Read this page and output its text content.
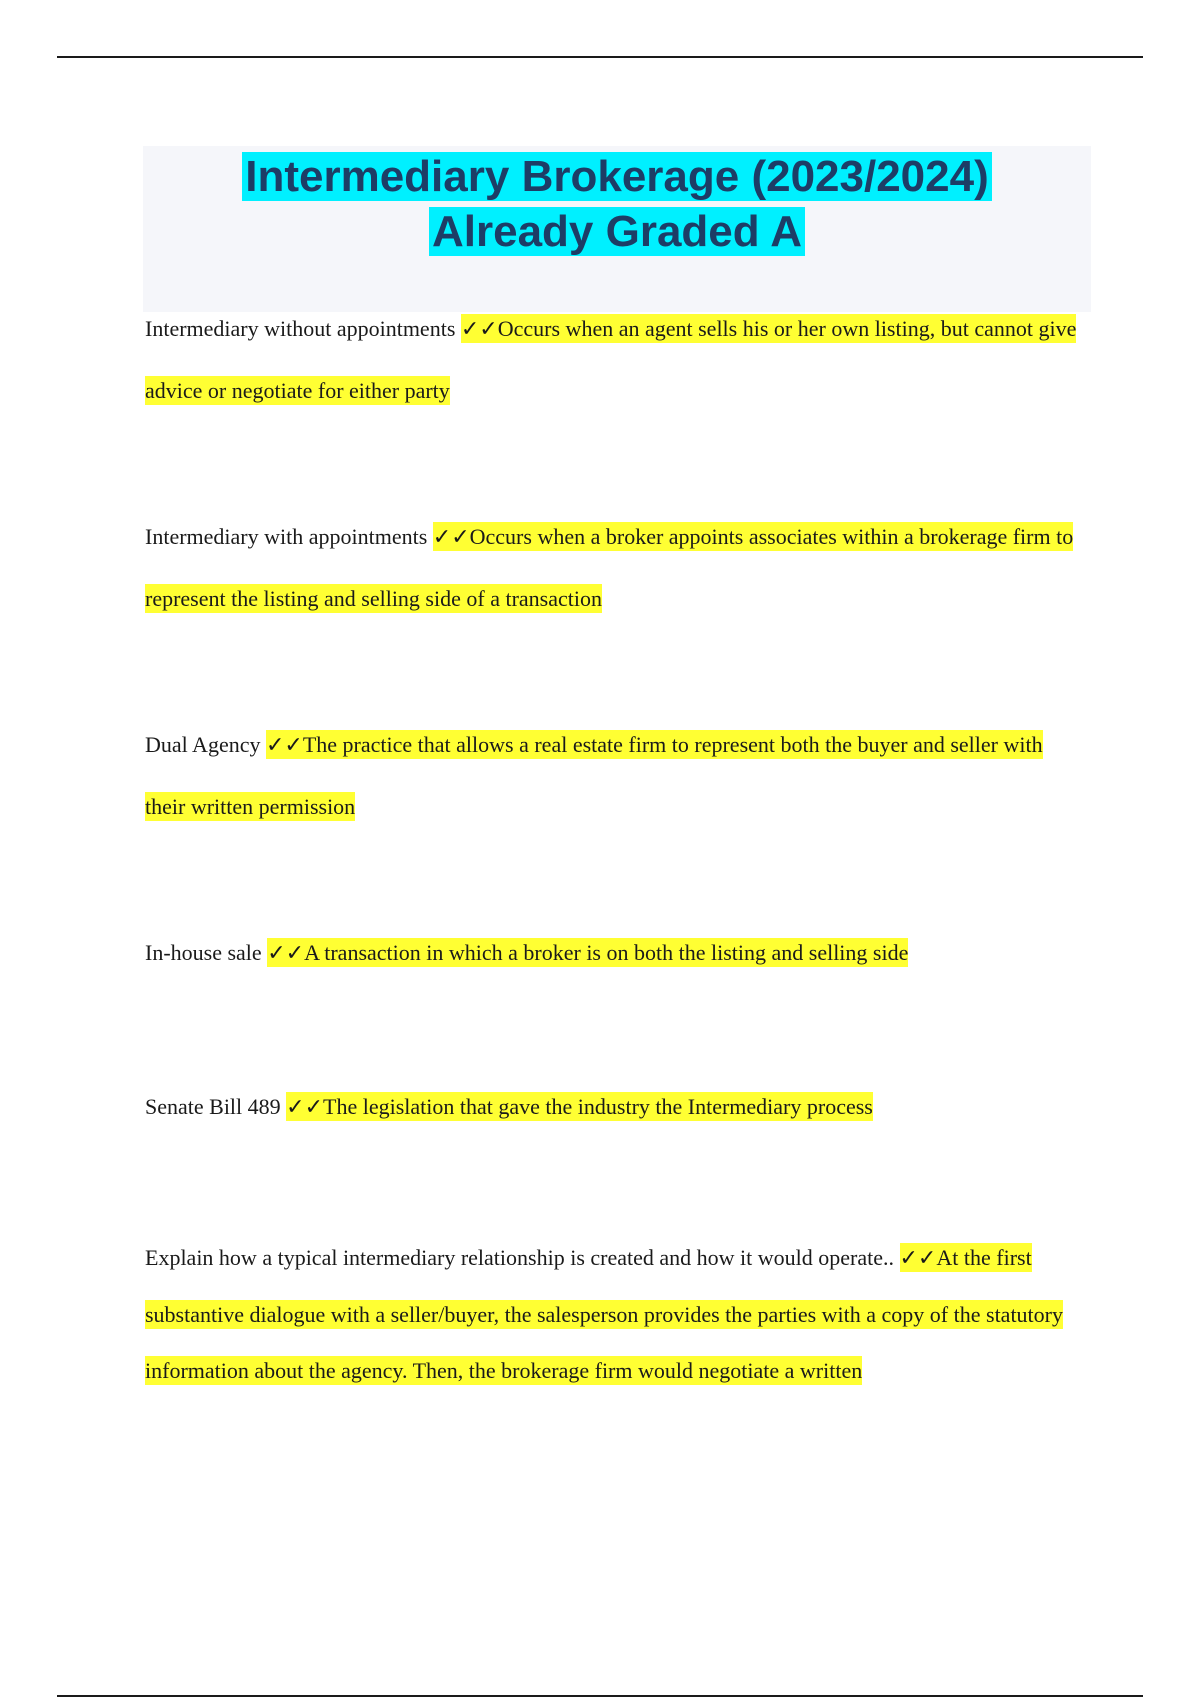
Intermediary Brokerage (2023/2024)
Already Graded A

Intermediary without appointments ✓✓Occurs when an agent sells his or her own listing, but cannot give advice or negotiate for either party

Intermediary with appointments ✓✓Occurs when a broker appoints associates within a brokerage firm to represent the listing and selling side of a transaction

Dual Agency ✓✓The practice that allows a real estate firm to represent both the buyer and seller with their written permission

In-house sale ✓✓A transaction in which a broker is on both the listing and selling side

Senate Bill 489 ✓✓The legislation that gave the industry the Intermediary process

Explain how a typical intermediary relationship is created and how it would operate.. ✓✓At the first substantive dialogue with a seller/buyer, the salesperson provides the parties with a copy of the statutory information about the agency. Then, the brokerage firm would negotiate a written
